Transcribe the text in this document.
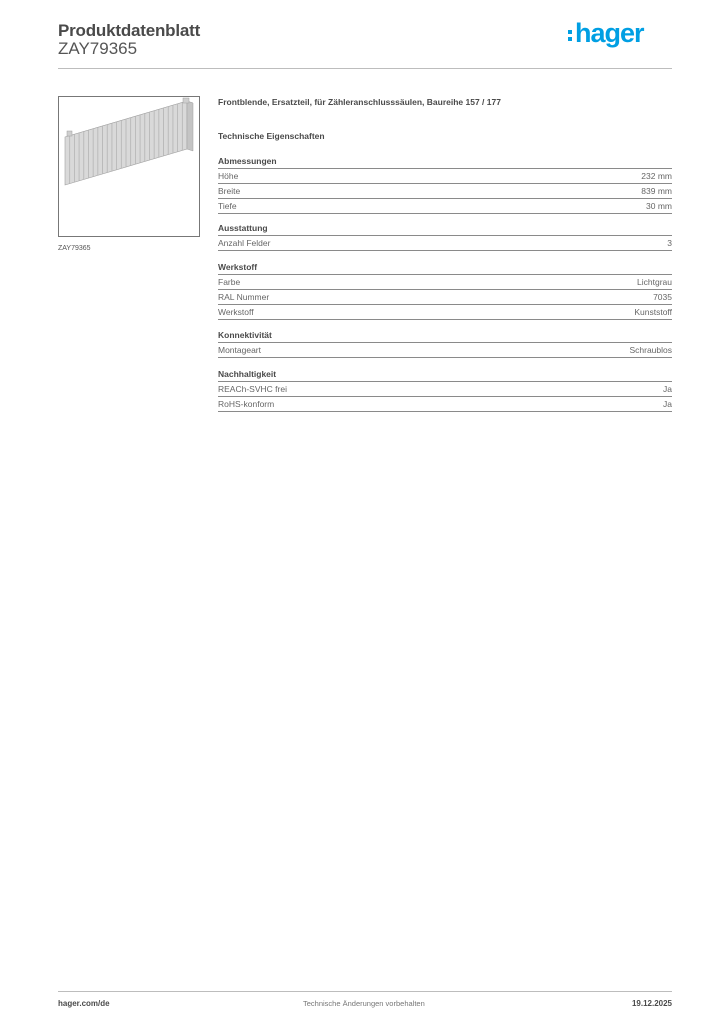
Produktdatenblatt
ZAY79365
hager
ZAY79365
Frontblende, Ersatzteil, für Zähleranschlusssäulen, Baureihe 157 / 177
Technische Eigenschaften
Abmessungen
Höhe	232 mm
Breite	839 mm
Tiefe	30 mm
Ausstattung
Anzahl Felder	3
Werkstoff
Farbe	Lichtgrau
RAL Nummer	7035
Werkstoff	Kunststoff
Konnektivität
Montageart	Schraublos
Nachhaltigkeit
REACh-SVHC frei	Ja
RoHS-konform	Ja
hager.com/de	Technische Änderungen vorbehalten	19.12.2025
